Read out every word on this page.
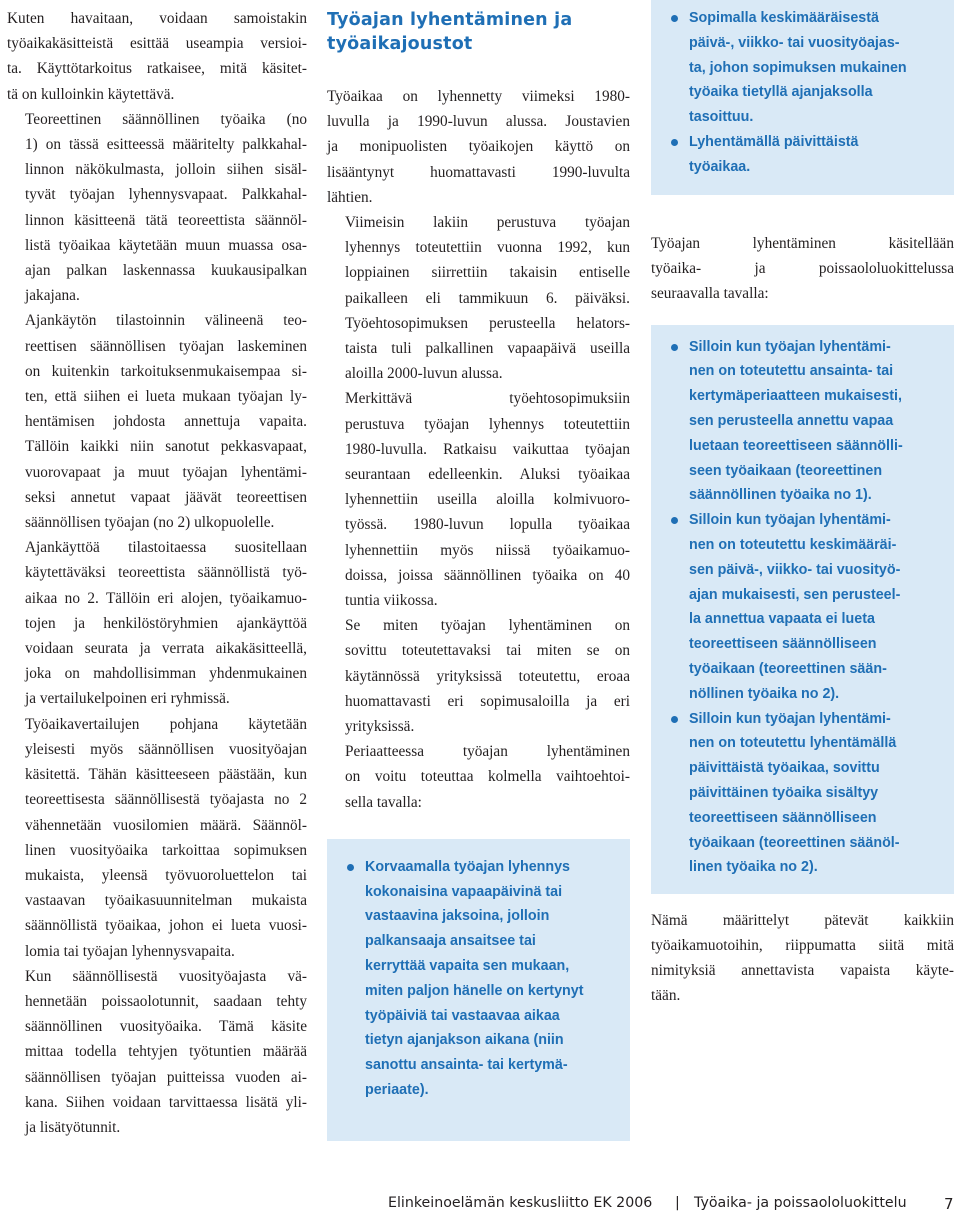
Kuten havaitaan, voidaan samoistakin
työaikakäsitteistä esittää useampia versioi-
ta. Käyttötarkoitus ratkaisee, mitä käsitet-
tä on kulloinkin käytettävä.

Teoreettinen säännöllinen työaika (no
1) on tässä esitteessä määritelty palkkahal-
linnon näkökulmasta, jolloin siihen sisäl-
tyvät työajan lyhennysvapaat. Palkkahal-
linnon käsitteenä tätä teoreettista säännöl-
listä työaikaa käytetään muun muassa osa-
ajan palkan laskennassa kuukausipalkan
jakajana.

Ajankäytön tilastoinnin välineenä teo-
reettisen säännöllisen työajan laskeminen
on kuitenkin tarkoituksenmukaisempaa si-
ten, että siihen ei lueta mukaan työajan ly-
hentämisen johdosta annettuja vapaita.
Tällöin kaikki niin sanotut pekkasvapaat,
vuorovapaat ja muut työajan lyhentämi-
seksi annetut vapaat jäävät teoreettisen
säännöllisen työajan (no 2) ulkopuolelle.

Ajankäyttöä tilastoitaessa suositellaan
käytettäväksi teoreettista säännöllistä työ-
aikaa no 2. Tällöin eri alojen, työaikamuo-
tojen ja henkilöstöryhmien ajankäyttöä
voidaan seurata ja verrata aikakäsitteellä,
joka on mahdollisimman yhdenmukainen
ja vertailukelpoinen eri ryhmissä.

Työaikavertailujen pohjana käytetään
yleisesti myös säännöllisen vuosityöajan
käsitettä. Tähän käsitteeseen päästään, kun
teoreettisesta säännöllisestä työajasta no 2
vähennetään vuosilomien määrä. Säännöl-
linen vuosityöaika tarkoittaa sopimuksen
mukaista, yleensä työvuoroluettelon tai
vastaavan työaikasuunnitelman mukaista
säännöllistä työaikaa, johon ei lueta vuosi-
lomia tai työajan lyhennysvapaita.

Kun säännöllisestä vuosityöajasta vä-
hennetään poissaolotunnit, saadaan tehty
säännöllinen vuosityöaika. Tämä käsite
mittaa todella tehtyjen työtuntien määrää
säännöllisen työajan puitteissa vuoden ai-
kana. Siihen voidaan tarvittaessa lisätä yli-
ja lisätyötunnit.

Työajan lyhentäminen ja
työaikajoustot

Työaikaa on lyhennetty viimeksi 1980-
luvulla ja 1990-luvun alussa. Joustavien
ja monipuolisten työaikojen käyttö on
lisääntynyt huomattavasti 1990-luvulta
lähtien.

Viimeisin lakiin perustuva työajan
lyhennys toteutettiin vuonna 1992, kun
loppiainen siirrettiin takaisin entiselle
paikalleen eli tammikuun 6. päiväksi.
Työehtosopimuksen perusteella helators-
taista tuli palkallinen vapaapäivä useilla
aloilla 2000-luvun alussa.

Merkittävä työehtosopimuksiin
perustuva työajan lyhennys toteutettiin
1980-luvulla. Ratkaisu vaikuttaa työajan
seurantaan edelleenkin. Aluksi työaikaa
lyhennettiin useilla aloilla kolmivuoro-
työssä. 1980-luvun lopulla työaikaa
lyhennettiin myös niissä työaikamuo-
doissa, joissa säännöllinen työaika on 40
tuntia viikossa.

Se miten työajan lyhentäminen on
sovittu toteutettavaksi tai miten se on
käytännössä yrityksissä toteutettu, eroaa
huomattavasti eri sopimusaloilla ja eri
yrityksissä.

Periaatteessa työajan lyhentäminen
on voitu toteuttaa kolmella vaihtoehtoi-
sella tavalla:

Korvaamalla työajan lyhennys
kokonaisina vapaapäivinä tai
vastaavina jaksoina, jolloin
palkansaaja ansaitsee tai
kerryttää vapaita sen mukaan,
miten paljon hänelle on kertynyt
työpäiviä tai vastaavaa aikaa
tietyn ajanjakson aikana (niin
sanottu ansainta- tai kertymä-
periaate).
Sopimalla keskimääräisestä
päivä-, viikko- tai vuosityöajas-
ta, johon sopimuksen mukainen
työaika tietyllä ajanjaksolla
tasoittuu.
Lyhentämällä päivittäistä
työaikaa.

Työajan lyhentäminen käsitellään
työaika- ja poissaololuokittelussa
seuraavalla tavalla:

Silloin kun työajan lyhentämi-
nen on toteutettu ansainta- tai
kertymäperiaatteen mukaisesti,
sen perusteella annettu vapaa
luetaan teoreettiseen säännölli-
seen työaikaan (teoreettinen
säännöllinen työaika no 1).
Silloin kun työajan lyhentämi-
nen on toteutettu keskimääräi-
sen päivä-, viikko- tai vuosityö-
ajan mukaisesti, sen perusteel-
la annettua vapaata ei lueta
teoreettiseen säännölliseen
työaikaan (teoreettinen sään-
nöllinen työaika no 2).
Silloin kun työajan lyhentämi-
nen on toteutettu lyhentämällä
päivittäistä työaikaa, sovittu
päivittäinen työaika sisältyy
teoreettiseen säännölliseen
työaikaan (teoreettinen säänöl-
linen työaika no 2).

Nämä määrittelyt pätevät kaikkiin
työaikamuotoihin, riippumatta siitä mitä
nimityksiä annettavista vapaista käyte-
tään.

Elinkeinoelämän keskusliitto EK 2006 | Työaika- ja poissaololuokittelu 7
